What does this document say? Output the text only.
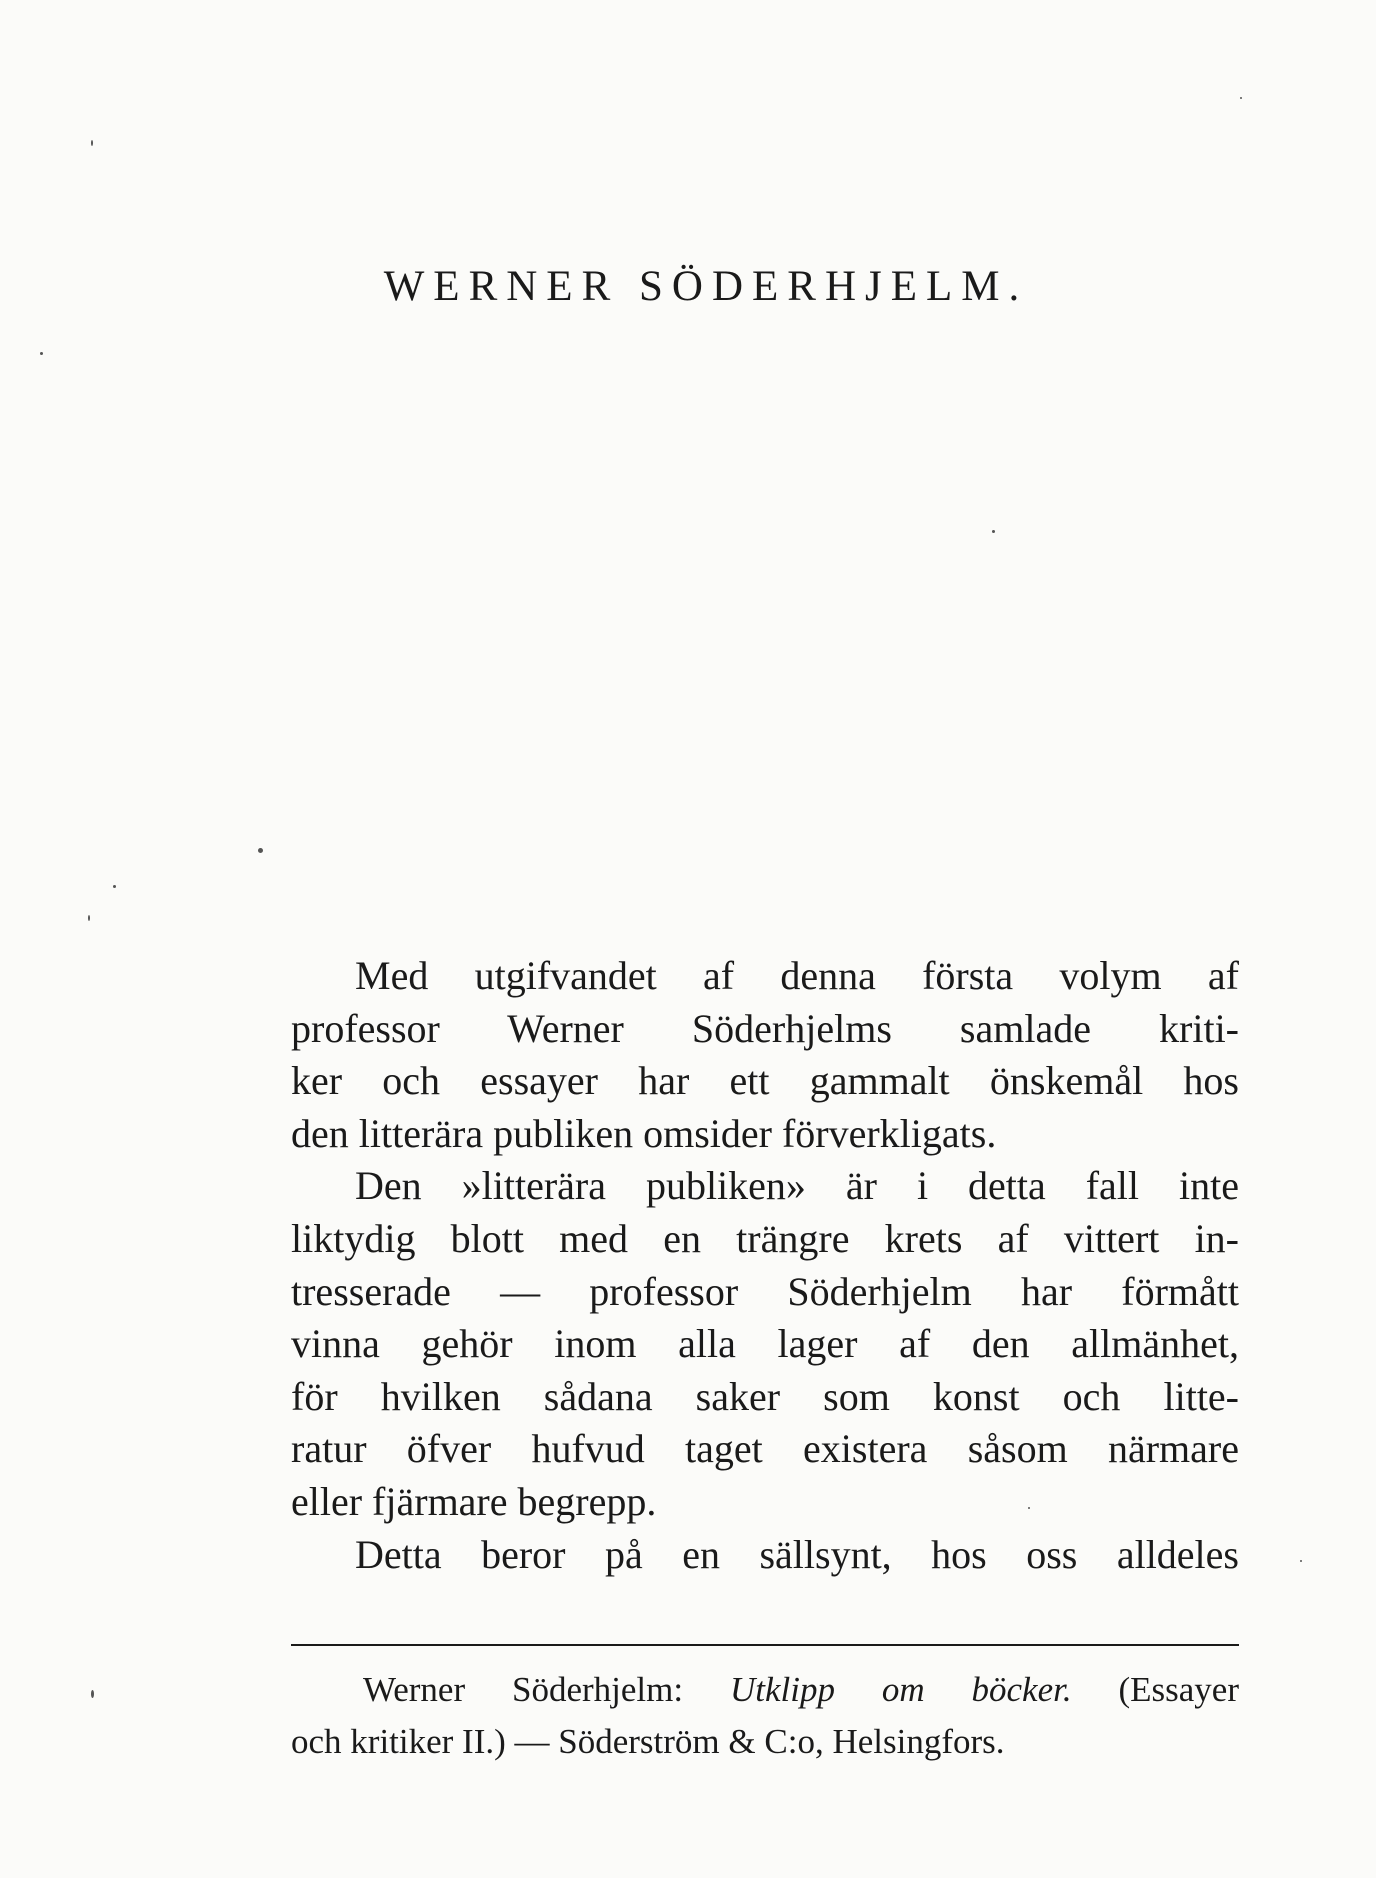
WERNER SÖDERHJELM.
Med utgifvandet af denna första volym af
professor Werner Söderhjelms samlade kriti-
ker och essayer har ett gammalt önskemål hos
den litterära publiken omsider förverkligats.
Den »litterära publiken» är i detta fall inte
liktydig blott med en trängre krets af vittert in-
tresserade — professor Söderhjelm har förmått
vinna gehör inom alla lager af den allmänhet,
för hvilken sådana saker som konst och litte-
ratur öfver hufvud taget existera såsom närmare
eller fjärmare begrepp.
Detta beror på en sällsynt, hos oss alldeles
Werner Söderhjelm: Utklipp om böcker. (Essayer
och kritiker II.) — Söderström & C:o, Helsingfors.
